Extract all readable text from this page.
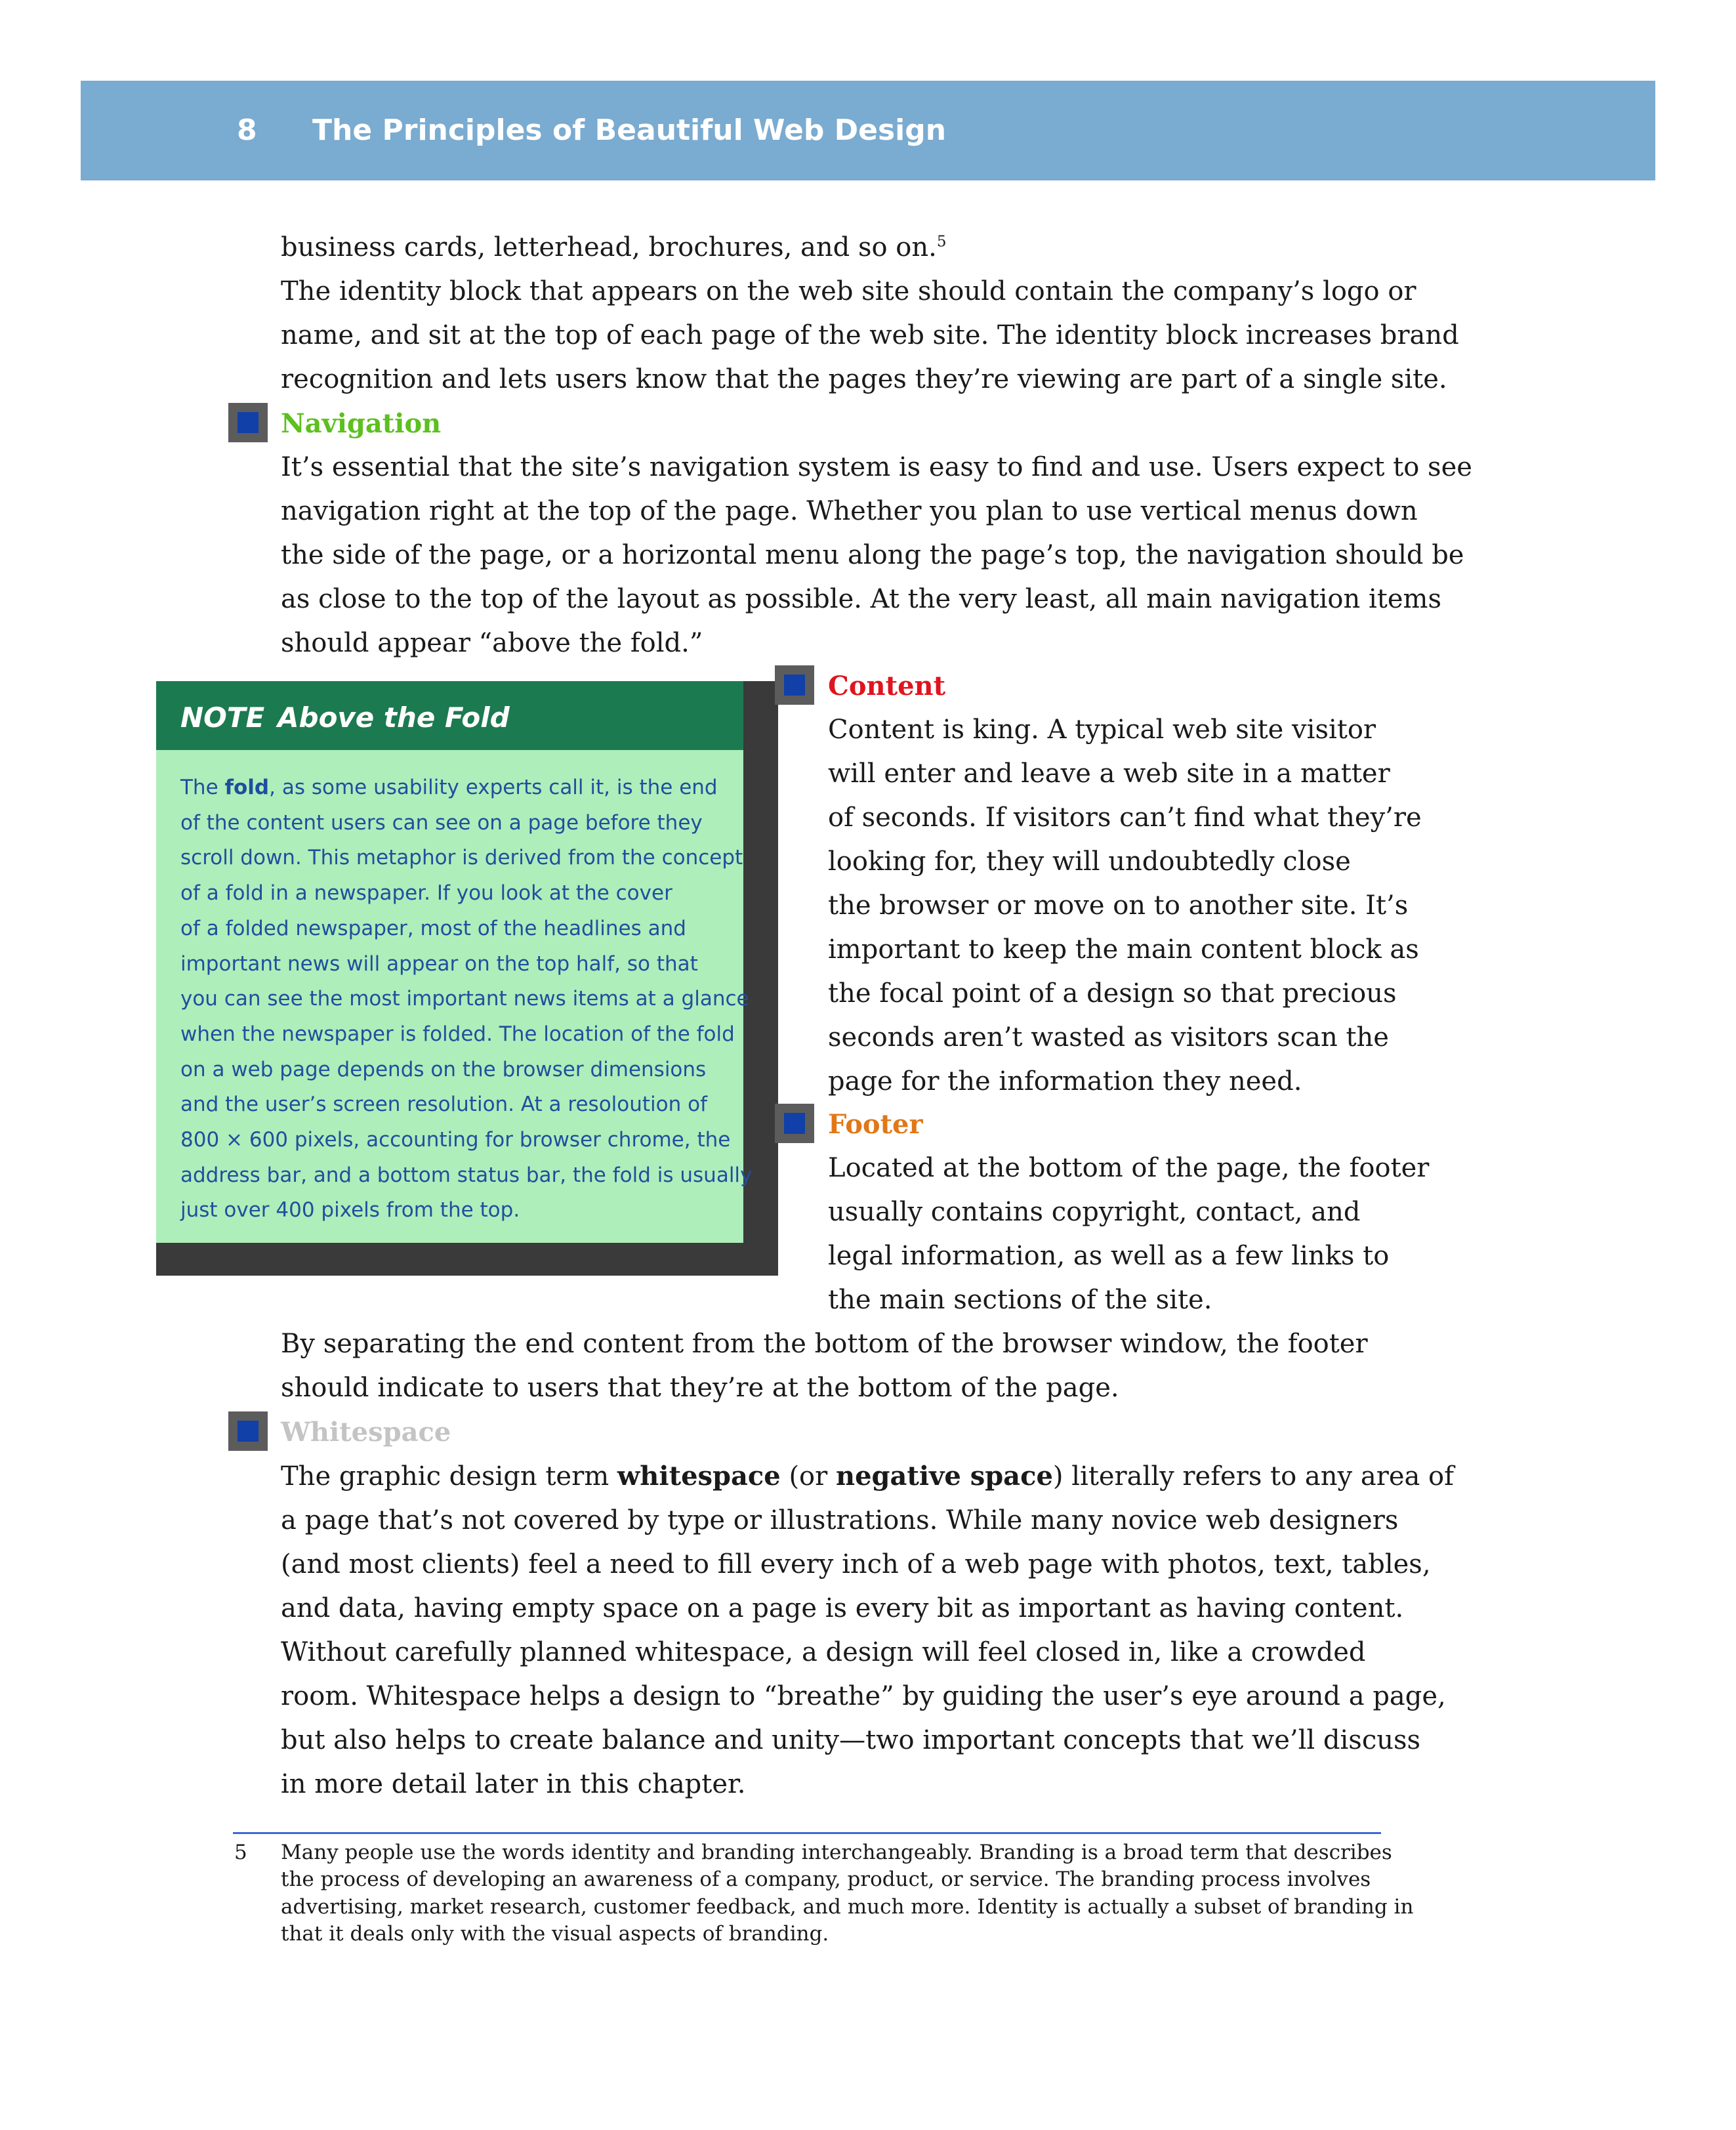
8 The Principles of Beautiful Web Design
business cards, letterhead, brochures, and so on.$^5$
The identity block that appears on the web site should contain the company’s logo or
name, and sit at the top of each page of the web site. The identity block increases brand
recognition and lets users know that the pages they’re viewing are part of a single site.
Navigation
It’s essential that the site’s navigation system is easy to find and use. Users expect to see
navigation right at the top of the page. Whether you plan to use vertical menus down
the side of the page, or a horizontal menu along the page’s top, the navigation should be
as close to the top of the layout as possible. At the very least, all main navigation items
should appear “above the fold.”
NOTE Above the Fold
The fold, as some usability experts call it, is the end
of the content users can see on a page before they
scroll down. This metaphor is derived from the concept
of a fold in a newspaper. If you look at the cover
of a folded newspaper, most of the headlines and
important news will appear on the top half, so that
you can see the most important news items at a glance
when the newspaper is folded. The location of the fold
on a web page depends on the browser dimensions
and the user’s screen resolution. At a resoloution of
800 × 600 pixels, accounting for browser chrome, the
address bar, and a bottom status bar, the fold is usually
just over 400 pixels from the top.
Content
Content is king. A typical web site visitor
will enter and leave a web site in a matter
of seconds. If visitors can’t find what they’re
looking for, they will undoubtedly close
the browser or move on to another site. It’s
important to keep the main content block as
the focal point of a design so that precious
seconds aren’t wasted as visitors scan the
page for the information they need.
Footer
Located at the bottom of the page, the footer
usually contains copyright, contact, and
legal information, as well as a few links to
the main sections of the site.
By separating the end content from the bottom of the browser window, the footer
should indicate to users that they’re at the bottom of the page.
Whitespace
The graphic design term whitespace (or negative space) literally refers to any area of
a page that’s not covered by type or illustrations. While many novice web designers
(and most clients) feel a need to fill every inch of a web page with photos, text, tables,
and data, having empty space on a page is every bit as important as having content.
Without carefully planned whitespace, a design will feel closed in, like a crowded
room. Whitespace helps a design to “breathe” by guiding the user’s eye around a page,
but also helps to create balance and unity—two important concepts that we’ll discuss
in more detail later in this chapter.
5 Many people use the words identity and branding interchangeably. Branding is a broad term that describes
the process of developing an awareness of a company, product, or service. The branding process involves
advertising, market research, customer feedback, and much more. Identity is actually a subset of branding in
that it deals only with the visual aspects of branding.
